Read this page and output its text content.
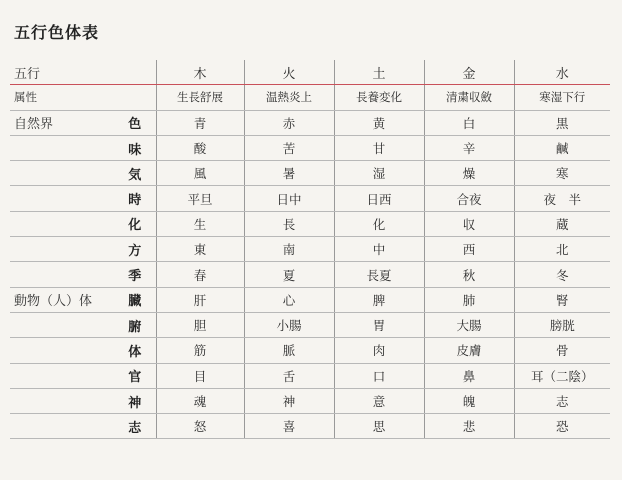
五行色体表
五行		木	火	土	金	水
属性		生長舒展	温熱炎上	長養変化	清粛収斂	寒湿下行
自然界	色	青	赤	黄	白	黒
	味	酸	苦	甘	辛	鹹
	気	風	暑	湿	燥	寒
	時	平旦	日中	日西	合夜	夜　半
	化	生	長	化	収	蔵
	方	東	南	中	西	北
	季	春	夏	長夏	秋	冬
動物（人）体	臓	肝	心	脾	肺	腎
	腑	胆	小腸	胃	大腸	膀胱
	体	筋	脈	肉	皮膚	骨
	官	目	舌	口	鼻	耳（二陰）
	神	魂	神	意	魄	志
	志	怒	喜	思	悲	恐
